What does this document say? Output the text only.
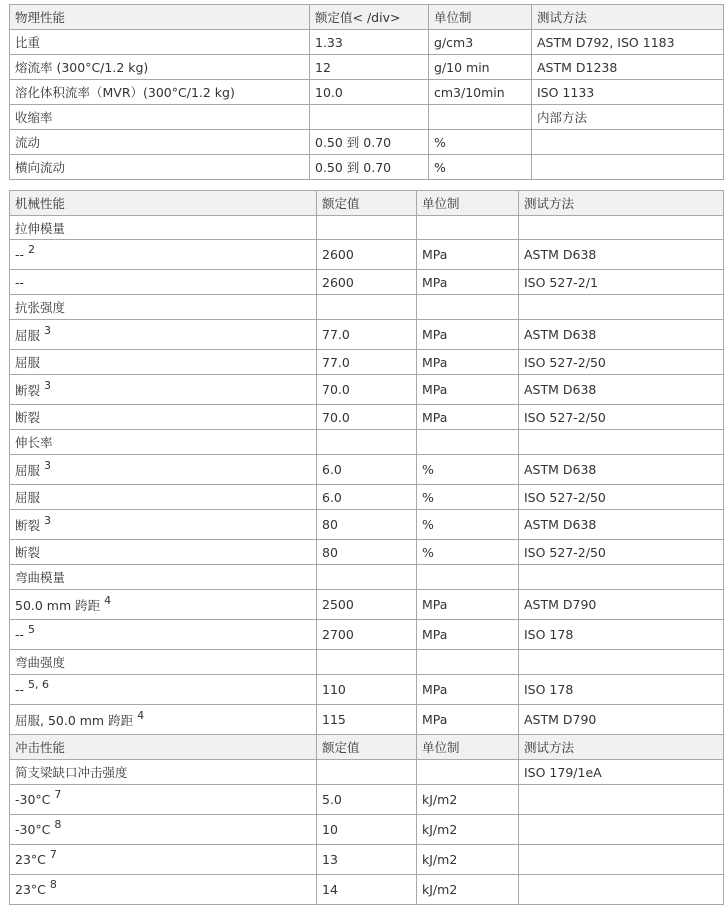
物理性能	额定值< /div>	单位制	测试方法
比重	1.33	g/cm3	ASTM D792, ISO 1183
熔流率 (300°C/1.2 kg)	12	g/10 min	ASTM D1238
溶化体积流率（MVR）(300°C/1.2 kg)	10.0	cm3/10min	ISO 1133
收缩率			内部方法
流动	0.50 到 0.70	%	
横向流动	0.50 到 0.70	%	
机械性能	额定值	单位制	测试方法
拉伸模量			
-- $^2$	2600	MPa	ASTM D638
--	2600	MPa	ISO 527-2/1
抗张强度			
屈服 $^3$	77.0	MPa	ASTM D638
屈服	77.0	MPa	ISO 527-2/50
断裂 $^3$	70.0	MPa	ASTM D638
断裂	70.0	MPa	ISO 527-2/50
伸长率			
屈服 $^3$	6.0	%	ASTM D638
屈服	6.0	%	ISO 527-2/50
断裂 $^3$	80	%	ASTM D638
断裂	80	%	ISO 527-2/50
弯曲模量			
50.0 mm 跨距 $^4$	2500	MPa	ASTM D790
-- $^5$	2700	MPa	ISO 178
弯曲强度			
-- $^{5, 6}$	110	MPa	ISO 178
屈服, 50.0 mm 跨距 $^4$	115	MPa	ASTM D790
冲击性能	额定值	单位制	测试方法
简支梁缺口冲击强度			ISO 179/1eA
-30°C $^7$	5.0	kJ/m2	
-30°C $^8$	10	kJ/m2	
23°C $^7$	13	kJ/m2	
23°C $^8$	14	kJ/m2	
